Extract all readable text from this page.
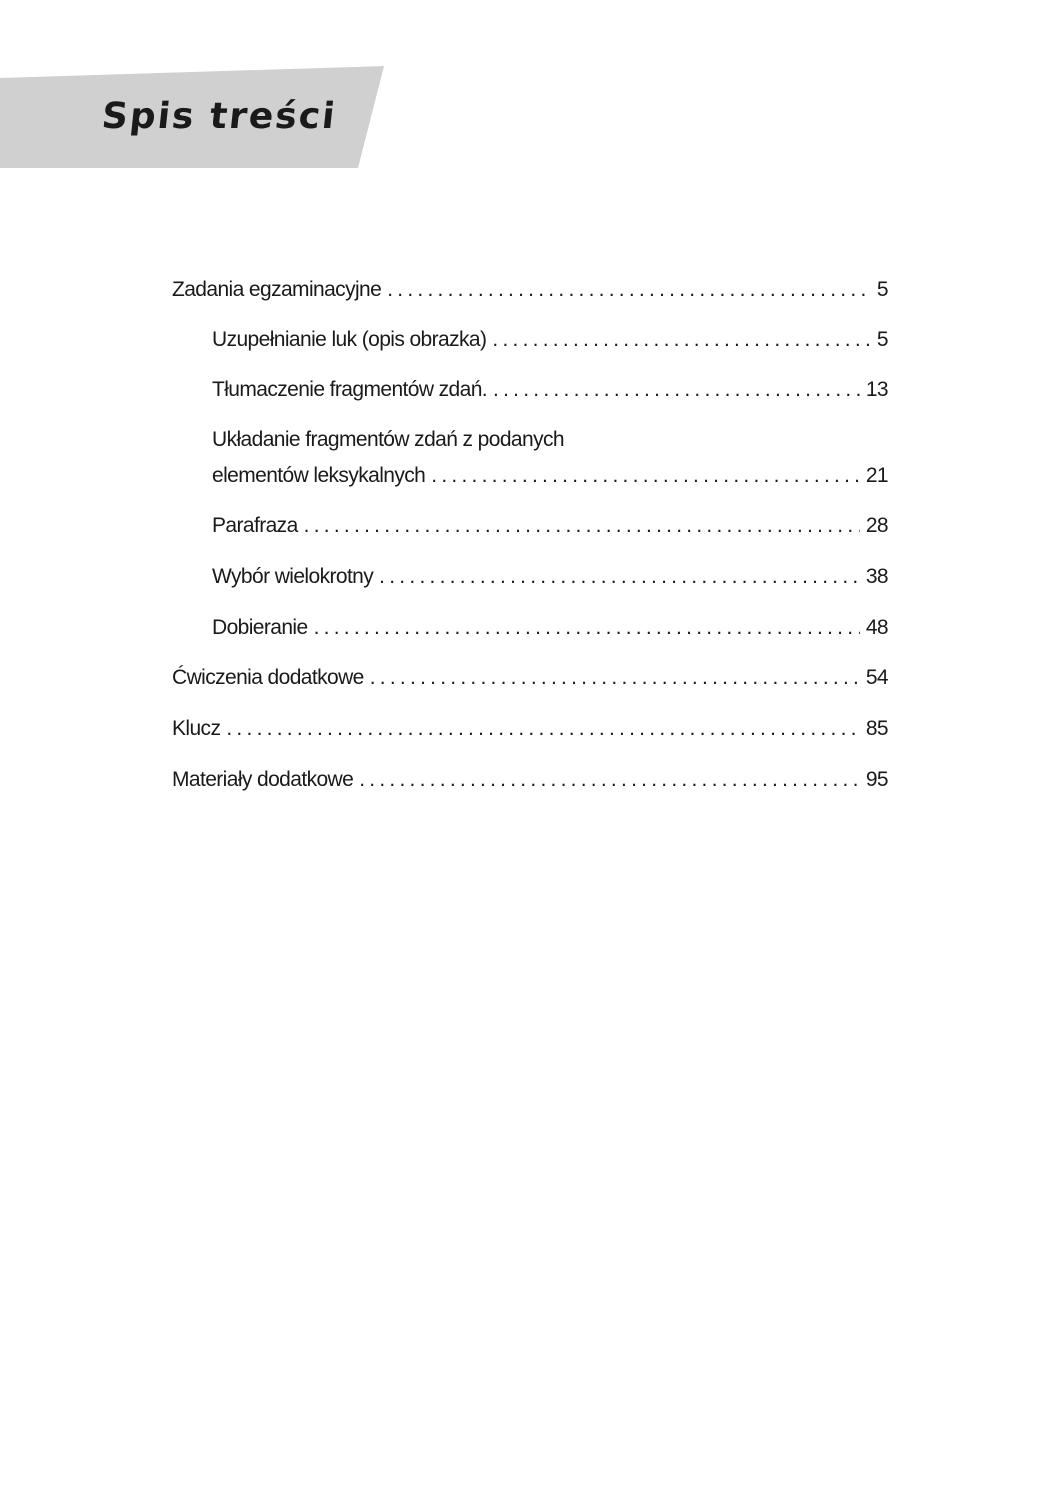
Spis treści
Zadania egzaminacyjne . . .	5
Uzupełnianie luk (opis obrazka) . . .	5
Tłumaczenie fragmentów zdań. . . .	13
Układanie fragmentów zdań z podanych
elementów leksykalnych . . .	21
Parafraza . . .	28
Wybór wielokrotny . . .	38
Dobieranie . . .	48
Ćwiczenia dodatkowe . . .	54
Klucz . . .	85
Materiały dodatkowe . . .	95
